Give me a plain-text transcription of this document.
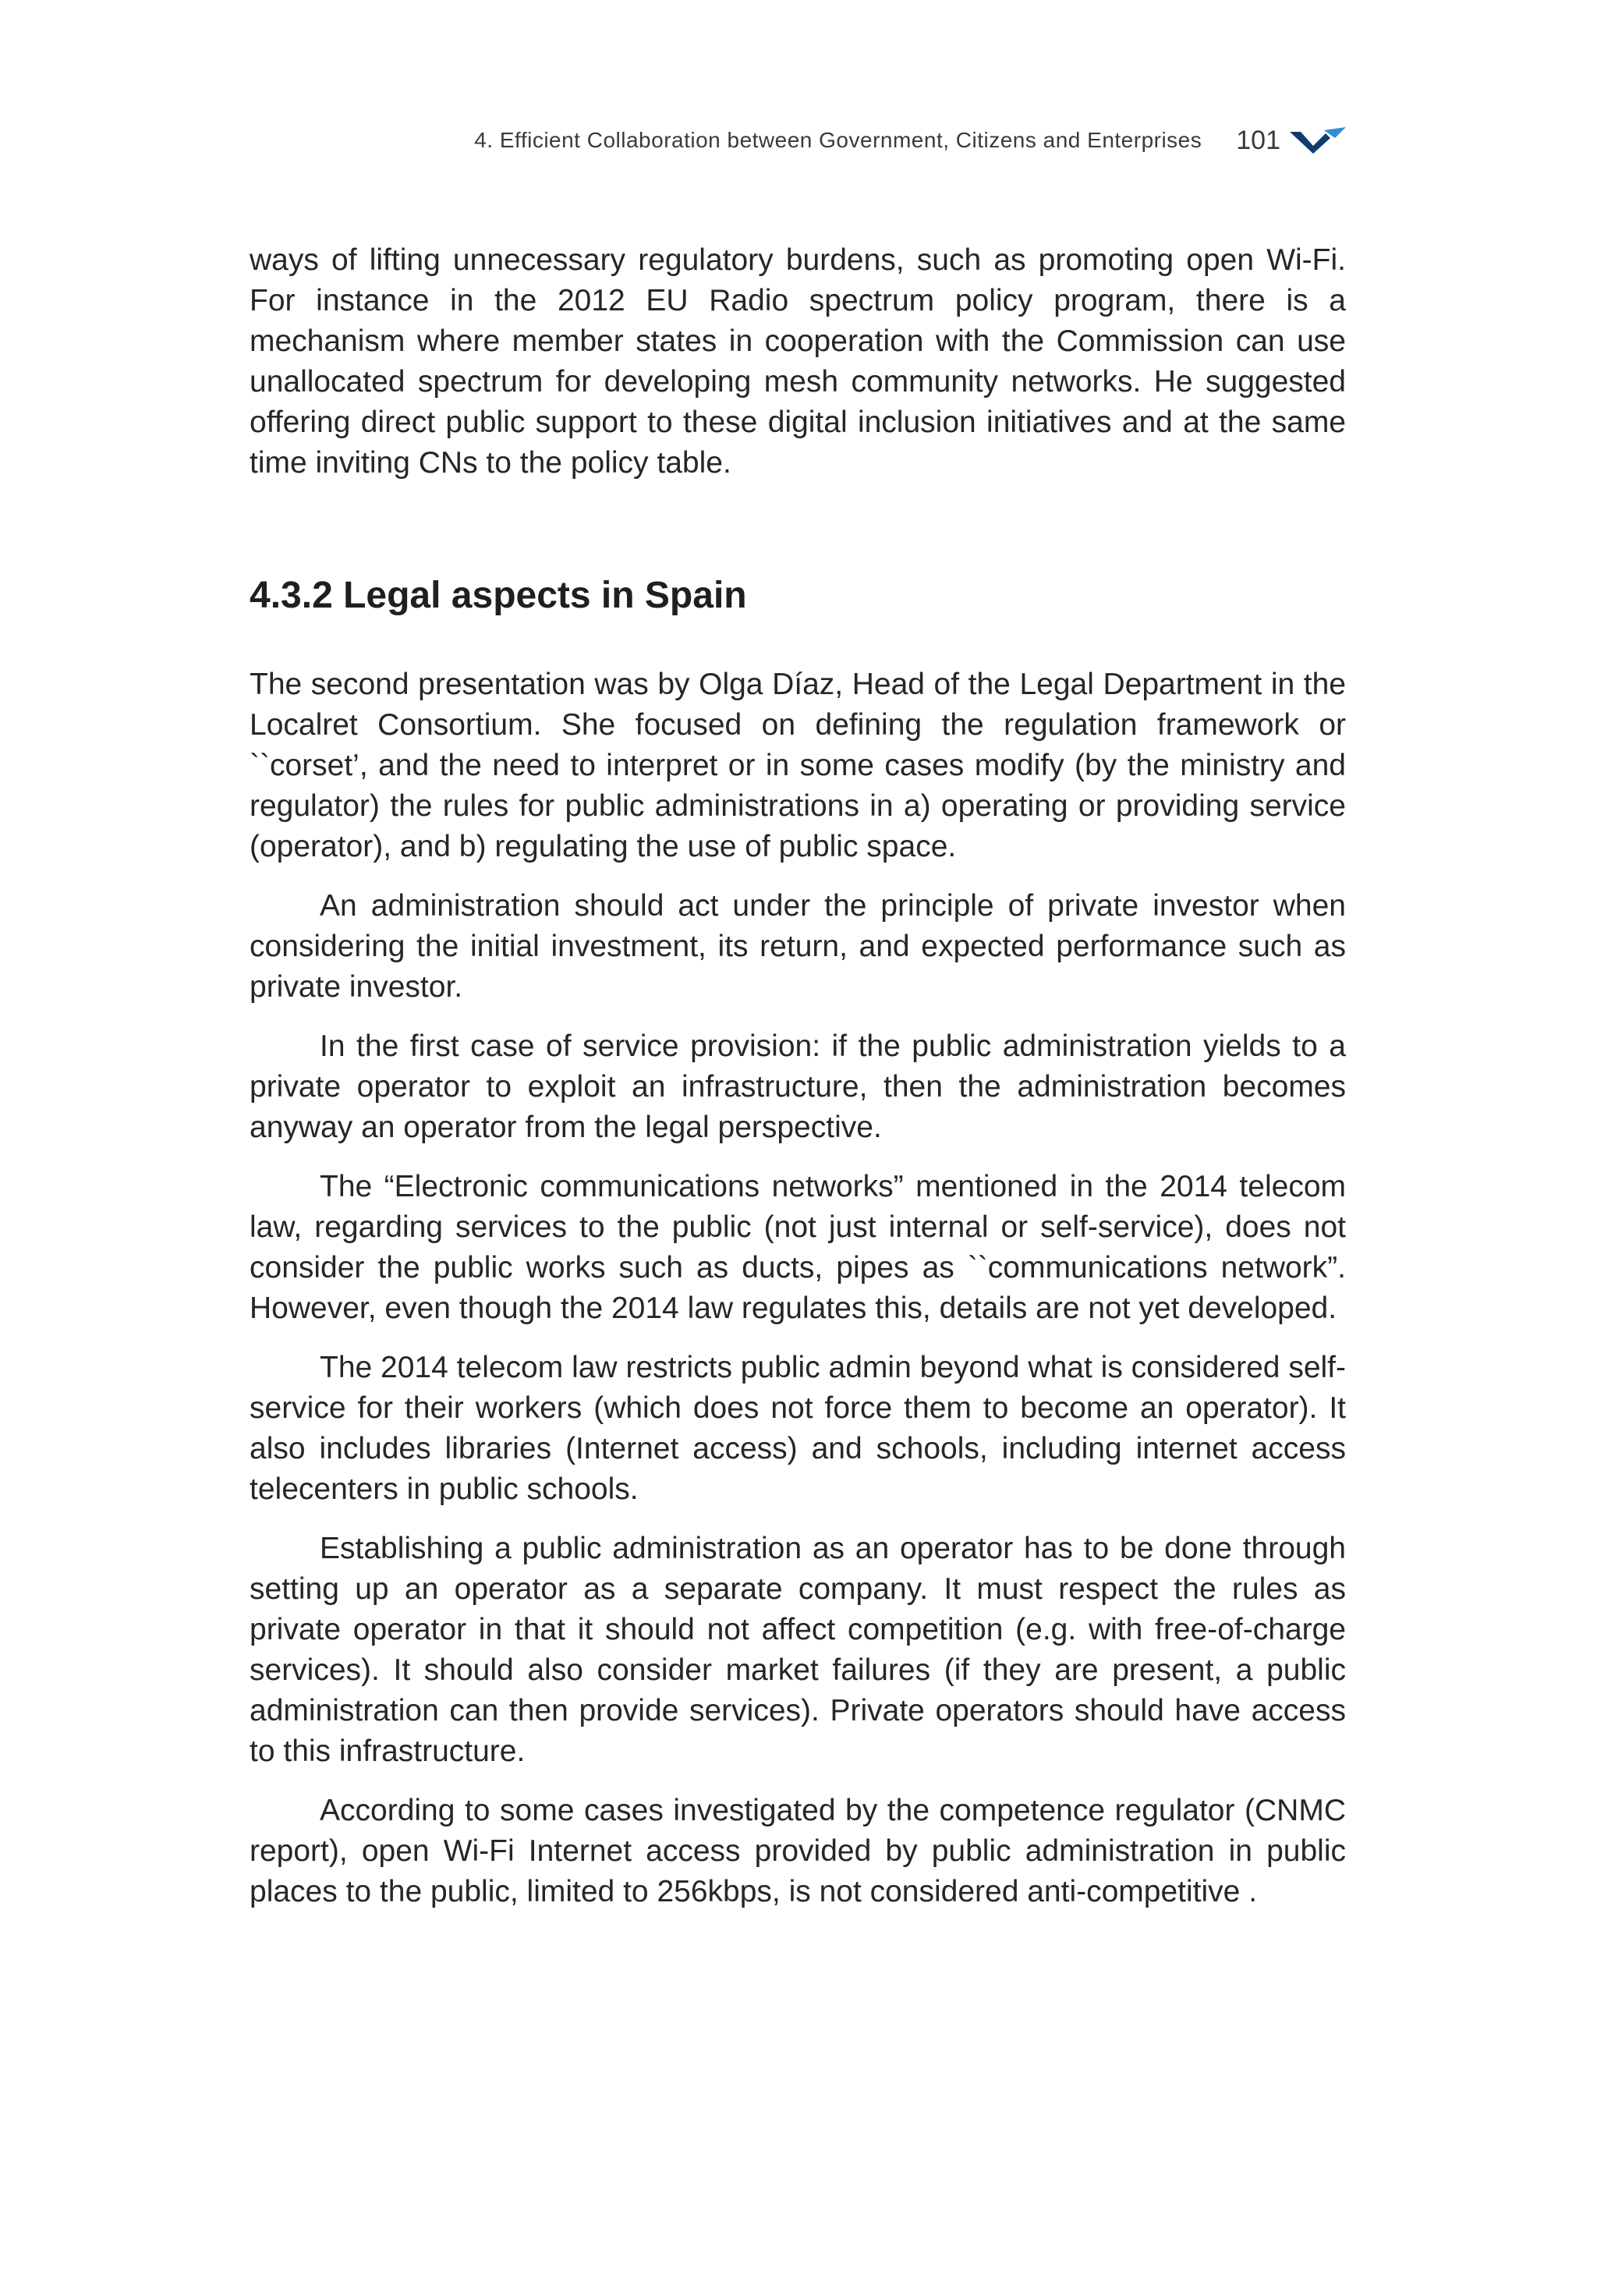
4. Efficient Collaboration between Government, Citizens and Enterprises 101

ways of lifting unnecessary regulatory burdens, such as promoting open Wi-Fi. For instance in the 2012 EU Radio spectrum policy program, there is a mechanism where member states in cooperation with the Commission can use unallocated spectrum for developing mesh community networks. He suggested offering direct public support to these digital inclusion initiatives and at the same time inviting CNs to the policy table.

4.3.2 Legal aspects in Spain

The second presentation was by Olga Díaz, Head of the Legal Department in the Localret Consortium. She focused on defining the regulation framework or ``corset’, and the need to interpret or in some cases modify (by the ministry and regulator) the rules for public administrations in a) operating or providing service (operator), and b) regulating the use of public space.

An administration should act under the principle of private investor when considering the initial investment, its return, and expected performance such as private investor.

In the first case of service provision: if the public administration yields to a private operator to exploit an infrastructure, then the administration becomes anyway an operator from the legal perspective.

The “Electronic communications networks” mentioned in the 2014 telecom law, regarding services to the public (not just internal or self-service), does not consider the public works such as ducts, pipes as ``communications network”. However, even though the 2014 law regulates this, details are not yet developed.

The 2014 telecom law restricts public admin beyond what is considered self-service for their workers (which does not force them to become an operator). It also includes libraries (Internet access) and schools, including internet access telecenters in public schools.

Establishing a public administration as an operator has to be done through setting up an operator as a separate company. It must respect the rules as private operator in that it should not affect competition (e.g. with free-of-charge services). It should also consider market failures (if they are present, a public administration can then provide services). Private operators should have access to this infrastructure.

According to some cases investigated by the competence regulator (CNMC report), open Wi-Fi Internet access provided by public administration in public places to the public, limited to 256kbps, is not considered anti-competitive .
